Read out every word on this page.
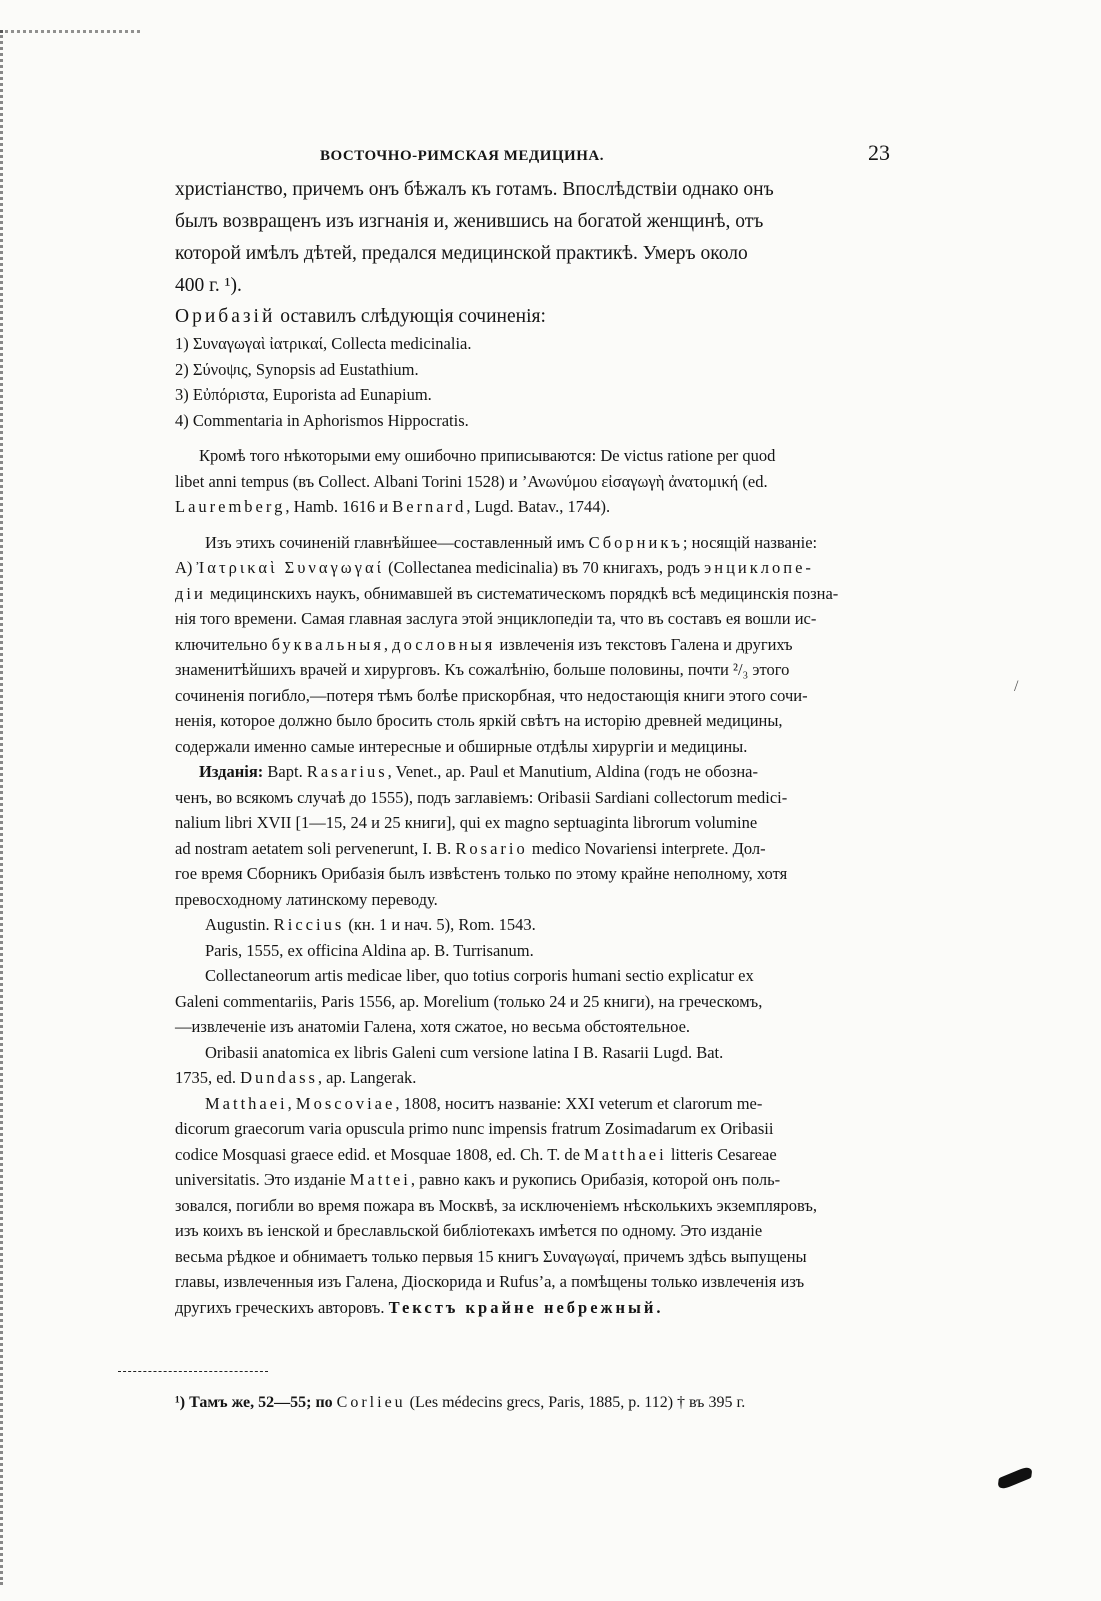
/
ВОСТОЧНО-РИМСКАЯ МЕДИЦИНА.	23

христіанство, причемъ онъ бѣжалъ къ готамъ. Впослѣдствіи однако онъ

былъ возвращенъ изъ изгнанія и, женившись на богатой женщинѣ, отъ

которой имѣлъ дѣтей, предался медицинской практикѣ. Умеръ около

400 г. ¹).

Орибазій оставилъ слѣдующія сочиненія:
1) Συναγωγαὶ ἰατρικαί, Collecta medicinalia.
2) Σύνοψις, Synopsis ad Eustathium.
3) Εὐπόριστα, Euporista ad Eunapium.
4) Commentaria in Aphorismos Hippocratis.

Кромѣ того нѣкоторыми ему ошибочно приписываются: De victus ratione per quod

libet anni tempus (въ Collect. Albani Torini 1528) и ’Ανωνύμου εἰσαγωγὴ ἀνατομική (ed.

Lauremberg, Hamb. 1616 и Bernard, Lugd. Batav., 1744).

Изъ этихъ сочиненій главнѣйшее—составленный имъ Сборникъ; носящій названіе:

А) Ἰατρικαὶ Συναγωγαί (Collectanea medicinalia) въ 70 книгахъ, родъ энциклопе-

діи медицинскихъ наукъ, обнимавшей въ систематическомъ порядкѣ всѣ медицинскія позна-

нія того времени. Самая главная заслуга этой энциклопедіи та, что въ составъ ея вошли ис-

ключительно буквальныя, дословныя извлеченія изъ текстовъ Галена и другихъ

знаменитѣйшихъ врачей и хирурговъ. Къ сожалѣнію, больше половины, почти ²/₃ этого

сочиненія погибло,—потеря тѣмъ болѣе прискорбная, что недостающія книги этого сочи-

ненія, которое должно было бросить столь яркій свѣтъ на исторію древней медицины,

содержали именно самые интересные и обширные отдѣлы хирургіи и медицины.

Изданія: Bapt. Rasarius, Venet., ap. Paul et Manutium, Aldina (годъ не обозна-

ченъ, во всякомъ случаѣ до 1555), подъ заглавіемъ: Oribasii Sardiani collectorum medici-

nalium libri XVII [1—15, 24 и 25 книги], qui ex magno septuaginta librorum volumine

ad nostram aetatem soli pervenerunt, I. B. Rosario medico Novariensi interprete. Дол-

гое время Сборникъ Орибазія былъ извѣстенъ только по этому крайне неполному, хотя

превосходному латинскому переводу.

Augustin. Riccius (кн. 1 и нач. 5), Rom. 1543.

Paris, 1555, ex officina Aldina ap. B. Turrisanum.

Collectaneorum artis medicae liber, quo totius corporis humani sectio explicatur ex

Galeni commentariis, Paris 1556, ap. Morelium (только 24 и 25 книги), на греческомъ,

—извлеченіе изъ анатоміи Галена, хотя сжатое, но весьма обстоятельное.

Oribasii anatomica ex libris Galeni cum versione latina I B. Rasarii Lugd. Bat.

1735, ed. Dundass, ap. Langerak.

Matthaei, Moscoviae, 1808, носитъ названіе: XXI veterum et clarorum me-

dicorum graecorum varia opuscula primo nunc impensis fratrum Zosimadarum ex Oribasii

codice Mosquasi graece edid. et Mosquae 1808, ed. Ch. T. de Matthaei litteris Cesareae

universitatis. Это изданіе Mattei, равно какъ и рукопись Орибазія, которой онъ поль-

зовался, погибли во время пожара въ Москвѣ, за исключеніемъ нѣсколькихъ экземпляровъ,

изъ коихъ въ іенской и бреславльской библіотекахъ имѣется по одному. Это изданіе

весьма рѣдкое и обнимаетъ только первыя 15 книгъ Συναγωγαί, причемъ здѣсь выпущены

главы, извлеченныя изъ Галена, Діоскорида и Rufus’а, а помѣщены только извлеченія изъ

другихъ греческихъ авторовъ. Текстъ крайне небрежный.

¹) Тамъ же, 52—55; по Corlieu (Les médecins grecs, Paris, 1885, p. 112) † въ 395 г.
